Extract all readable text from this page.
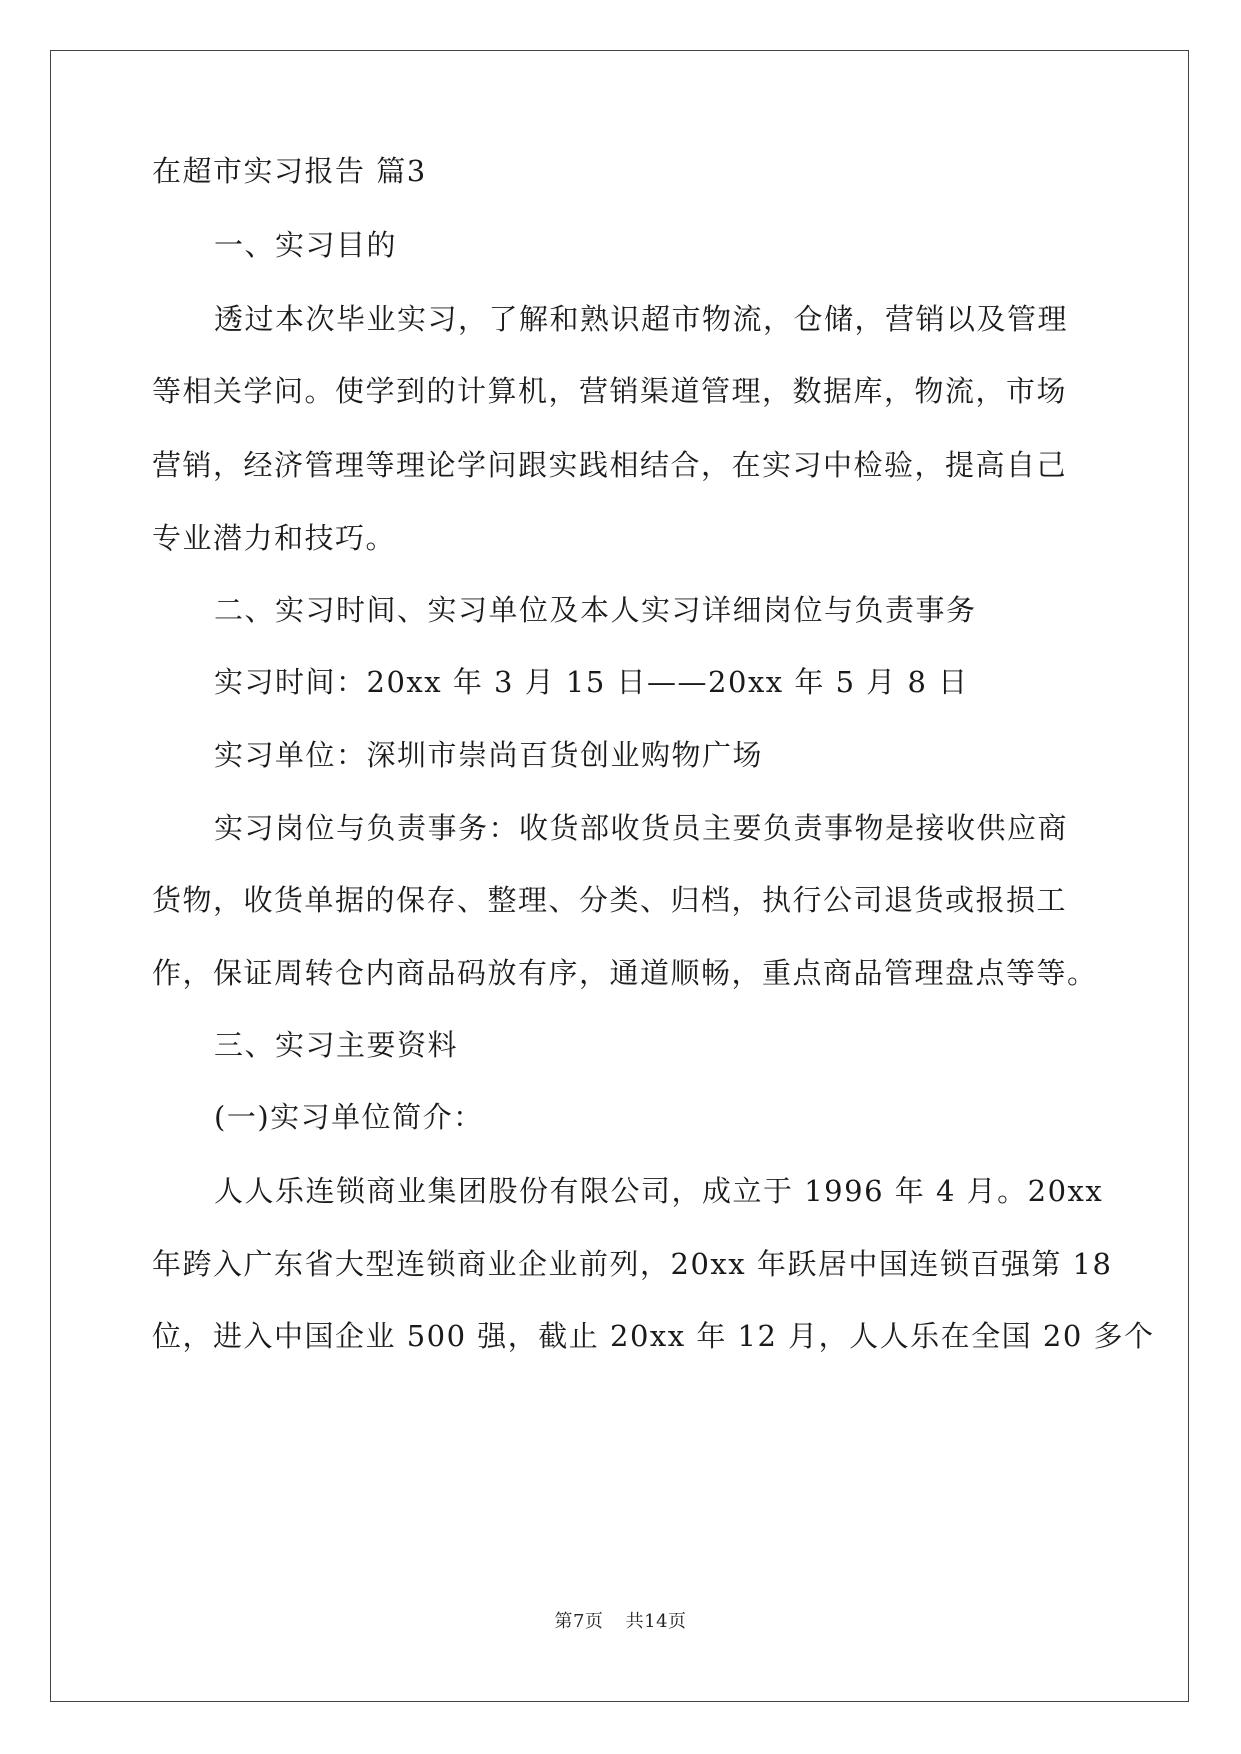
在超市实习报告 篇3
一、实习目的
透过本次毕业实习，了解和熟识超市物流，仓储，营销以及管理
等相关学问。使学到的计算机，营销渠道管理，数据库，物流，市场
营销，经济管理等理论学问跟实践相结合，在实习中检验，提高自己
专业潜力和技巧。
二、实习时间、实习单位及本人实习详细岗位与负责事务
实习时间：20xx 年 3 月 15 日——20xx 年 5 月 8 日
实习单位：深圳市崇尚百货创业购物广场
实习岗位与负责事务：收货部收货员主要负责事物是接收供应商
货物，收货单据的保存、整理、分类、归档，执行公司退货或报损工
作，保证周转仓内商品码放有序，通道顺畅，重点商品管理盘点等等。
三、实习主要资料
(一)实习单位简介：
人人乐连锁商业集团股份有限公司，成立于 1996 年 4 月。20xx
年跨入广东省大型连锁商业企业前列，20xx 年跃居中国连锁百强第 18
位，进入中国企业 500 强，截止 20xx 年 12 月，人人乐在全国 20 多个
第7页 共14页
